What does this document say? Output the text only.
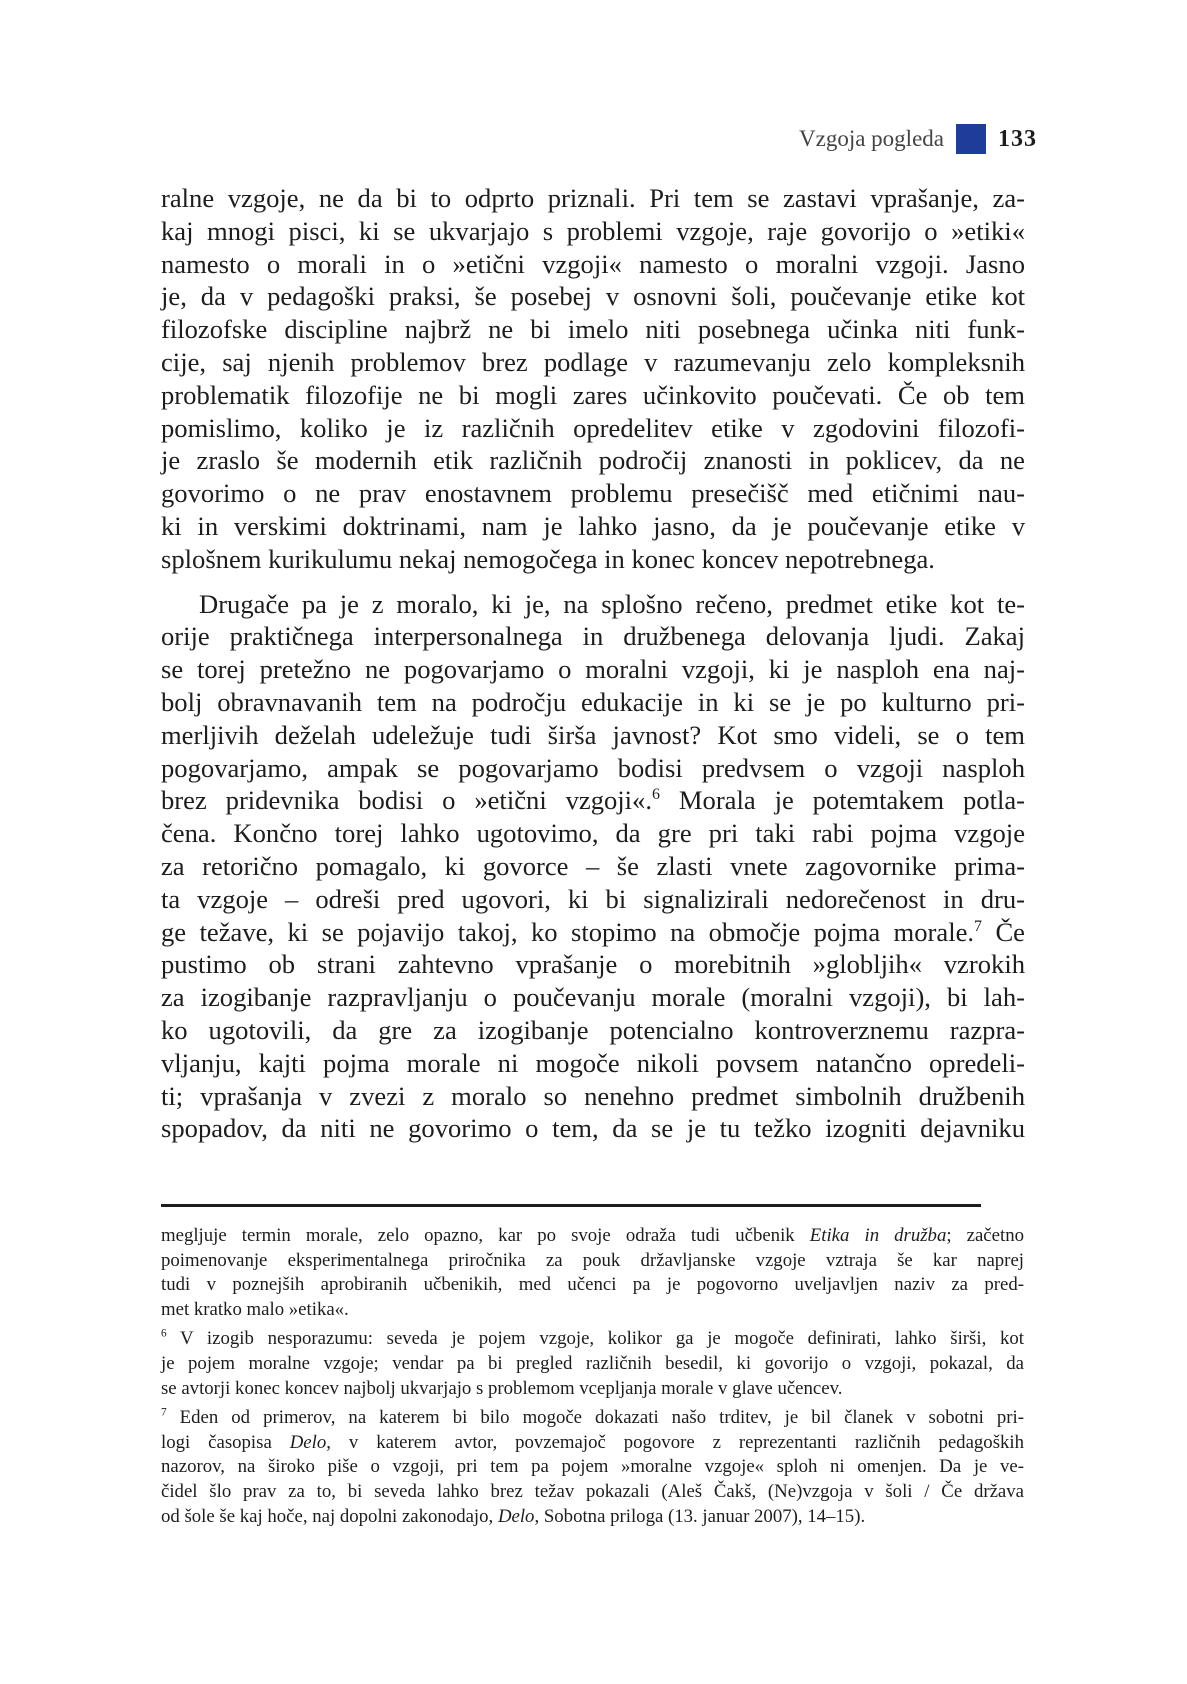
Vzgoja pogleda 133
ralne vzgoje, ne da bi to odprto priznali. Pri tem se zastavi vprašanje, za-
kaj mnogi pisci, ki se ukvarjajo s problemi vzgoje, raje govorijo o »etiki«
namesto o morali in o »etični vzgoji« namesto o moralni vzgoji. Jasno
je, da v pedagoški praksi, še posebej v osnovni šoli, poučevanje etike kot
filozofske discipline najbrž ne bi imelo niti posebnega učinka niti funk-
cije, saj njenih problemov brez podlage v razumevanju zelo kompleksnih
problematik filozofije ne bi mogli zares učinkovito poučevati. Če ob tem
pomislimo, koliko je iz različnih opredelitev etike v zgodovini filozofi-
je zraslo še modernih etik različnih področij znanosti in poklicev, da ne
govorimo o ne prav enostavnem problemu presečišč med etičnimi nau-
ki in verskimi doktrinami, nam je lahko jasno, da je poučevanje etike v
splošnem kurikulumu nekaj nemogočega in konec koncev nepotrebnega.
Drugače pa je z moralo, ki je, na splošno rečeno, predmet etike kot te-
orije praktičnega interpersonalnega in družbenega delovanja ljudi. Zakaj
se torej pretežno ne pogovarjamo o moralni vzgoji, ki je nasploh ena naj-
bolj obravnavanih tem na področju edukacije in ki se je po kulturno pri-
merljivih deželah udeležuje tudi širša javnost? Kot smo videli, se o tem
pogovarjamo, ampak se pogovarjamo bodisi predvsem o vzgoji nasploh
brez pridevnika bodisi o »etični vzgoji«.$^6$ Morala je potemtakem potla-
čena. Končno torej lahko ugotovimo, da gre pri taki rabi pojma vzgoje
za retorično pomagalo, ki govorce – še zlasti vnete zagovornike prima-
ta vzgoje – odreši pred ugovori, ki bi signalizirali nedorečenost in dru-
ge težave, ki se pojavijo takoj, ko stopimo na območje pojma morale.$^7$ Če
pustimo ob strani zahtevno vprašanje o morebitnih »globljih« vzrokih
za izogibanje razpravljanju o poučevanju morale (moralni vzgoji), bi lah-
ko ugotovili, da gre za izogibanje potencialno kontroverznemu razpra-
vljanju, kajti pojma morale ni mogoče nikoli povsem natančno opredeli-
ti; vprašanja v zvezi z moralo so nenehno predmet simbolnih družbenih
spopadov, da niti ne govorimo o tem, da se je tu težko izogniti dejavniku
megljuje termin morale, zelo opazno, kar po svoje odraža tudi učbenik Etika in družba; začetno
poimenovanje eksperimentalnega priročnika za pouk državljanske vzgoje vztraja še kar naprej
tudi v poznejših aprobiranih učbenikih, med učenci pa je pogovorno uveljavljen naziv za pred-
met kratko malo »etika«.
$^6$ V izogib nesporazumu: seveda je pojem vzgoje, kolikor ga je mogoče definirati, lahko širši, kot
je pojem moralne vzgoje; vendar pa bi pregled različnih besedil, ki govorijo o vzgoji, pokazal, da
se avtorji konec koncev najbolj ukvarjajo s problemom vcepljanja morale v glave učencev.
$^7$ Eden od primerov, na katerem bi bilo mogoče dokazati našo trditev, je bil članek v sobotni pri-
logi časopisa Delo, v katerem avtor, povzemajoč pogovore z reprezentanti različnih pedagoških
nazorov, na široko piše o vzgoji, pri tem pa pojem »moralne vzgoje« sploh ni omenjen. Da je ve-
čidel šlo prav za to, bi seveda lahko brez težav pokazali (Aleš Čakš, (Ne)vzgoja v šoli / Če država
od šole še kaj hoče, naj dopolni zakonodajo, Delo, Sobotna priloga (13. januar 2007), 14–15).
